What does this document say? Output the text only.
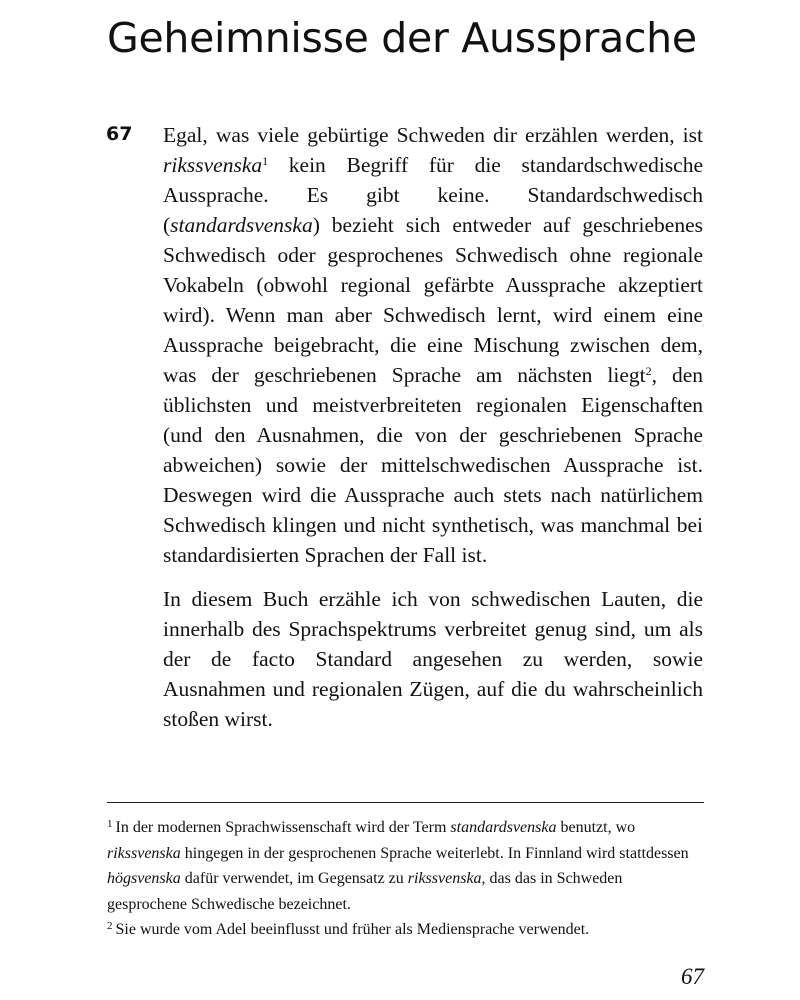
Geheimnisse der Aussprache
67 Egal, was viele gebürtige Schweden dir erzählen werden, ist rikssvenska$^1$ kein Begriff für die standardschwedische Aussprache. Es gibt keine. Standardschwedisch (standardsvenska) bezieht sich entweder auf geschriebenes Schwedisch oder gesprochenes Schwedisch ohne regionale Vokabeln (obwohl regional gefärbte Aussprache akzeptiert wird). Wenn man aber Schwedisch lernt, wird einem eine Aussprache beigebracht, die eine Mischung zwischen dem, was der geschriebenen Sprache am nächsten liegt$^2$, den üblichsten und meistverbreiteten regionalen Eigenschaften (und den Ausnahmen, die von der geschriebenen Sprache abweichen) sowie der mittelschwedischen Aussprache ist. Deswegen wird die Aussprache auch stets nach natürlichem Schwedisch klingen und nicht synthetisch, was manchmal bei standardisierten Sprachen der Fall ist.

In diesem Buch erzähle ich von schwedischen Lauten, die innerhalb des Sprachspektrums verbreitet genug sind, um als der de facto Standard angesehen zu werden, sowie Ausnahmen und regionalen Zügen, auf die du wahrscheinlich stoßen wirst.

$^1$ In der modernen Sprachwissenschaft wird der Term standardsvenska benutzt, wo rikssvenska hingegen in der gesprochenen Sprache weiterlebt. In Finnland wird stattdessen högsvenska dafür verwendet, im Gegensatz zu rikssvenska, das das in Schweden gesprochene Schwedische bezeichnet.

$^2$ Sie wurde vom Adel beeinflusst und früher als Mediensprache verwendet.

67
